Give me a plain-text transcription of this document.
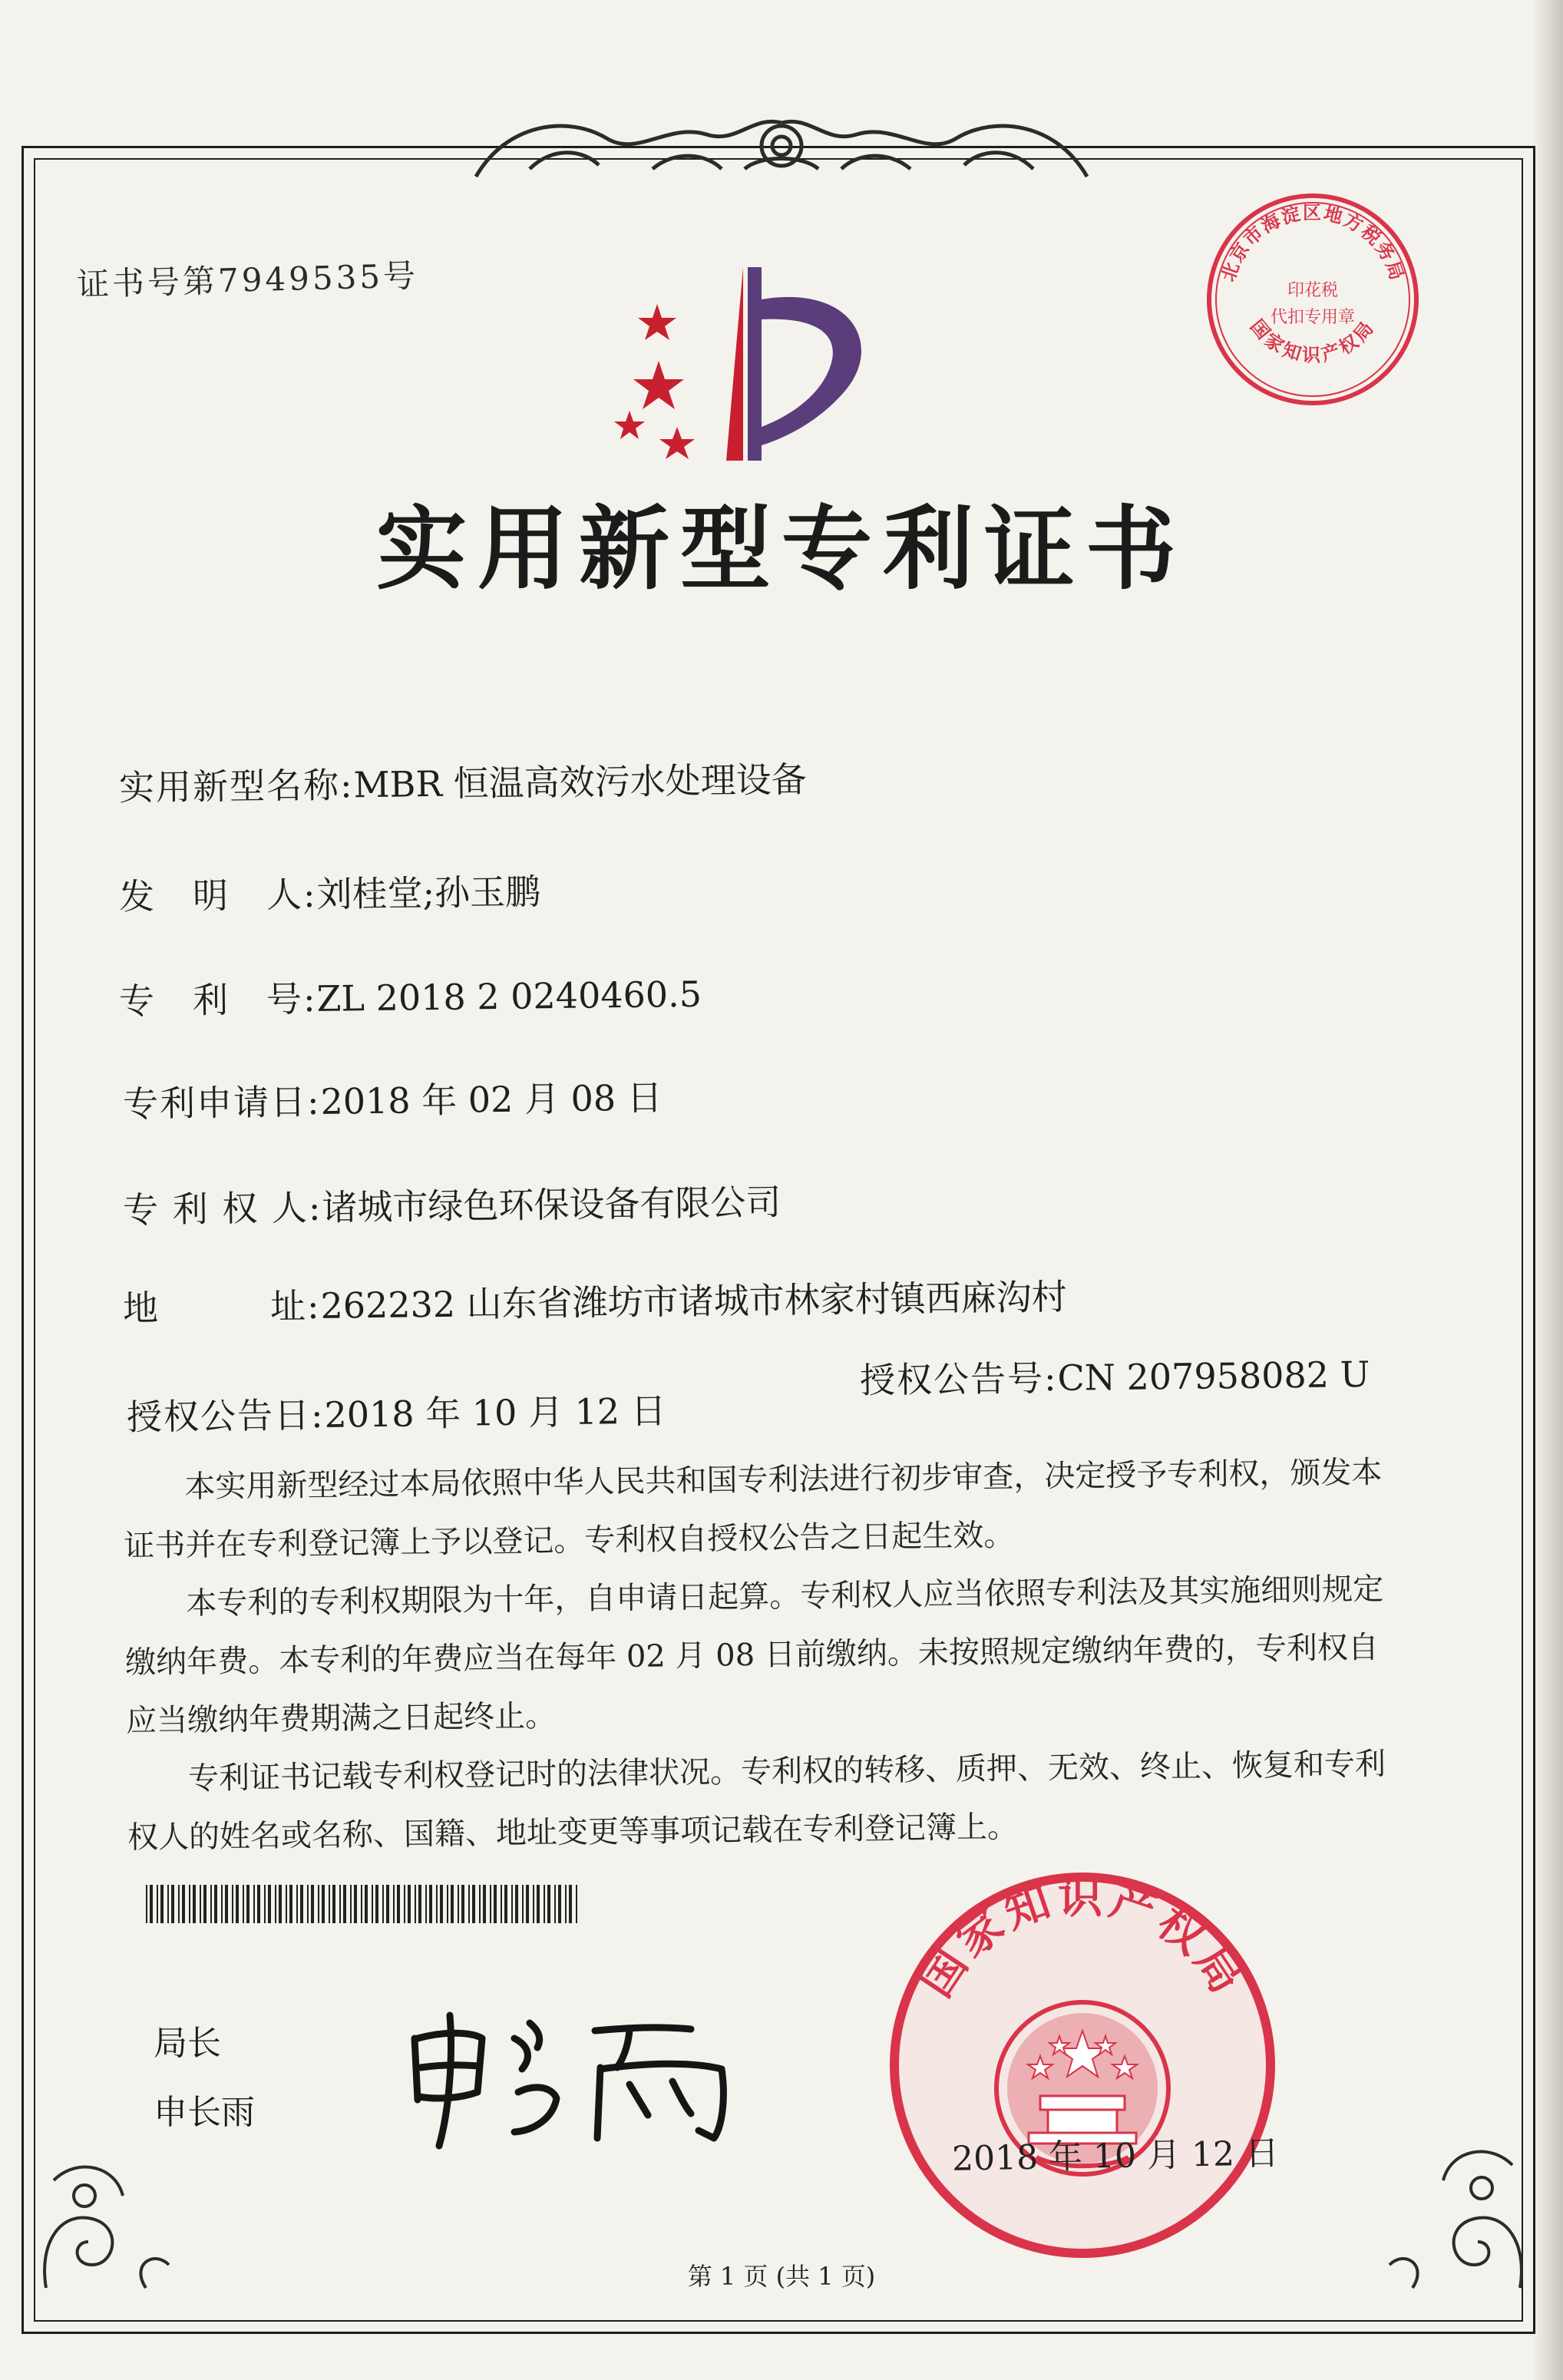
证书号第7949535号	北京市海淀区地方税务局
印花税
代扣专用章
国家知识产权局
实用新型专利证书
实用新型名称:MBR 恒温高效污水处理设备
发　明　人:刘桂堂;孙玉鹏
专　利　号:ZL 2018 2 0240460.5
专利申请日:2018 年 02 月 08 日
专 利 权 人:诸城市绿色环保设备有限公司
地　　　址:262232 山东省潍坊市诸城市林家村镇西麻沟村
授权公告日:2018 年 10 月 12 日
授权公告号:CN 207958082 U

本实用新型经过本局依照中华人民共和国专利法进行初步审查，决定授予专利权，颁发本证书并在专利登记簿上予以登记。专利权自授权公告之日起生效。

本专利的专利权期限为十年，自申请日起算。专利权人应当依照专利法及其实施细则规定缴纳年费。本专利的年费应当在每年 02 月 08 日前缴纳。未按照规定缴纳年费的，专利权自应当缴纳年费期满之日起终止。

专利证书记载专利权登记时的法律状况。专利权的转移、质押、无效、终止、恢复和专利权人的姓名或名称、国籍、地址变更等事项记载在专利登记簿上。

局长
申长雨
国家知识产权局
2018 年 10 月 12 日
第 1 页 (共 1 页)
